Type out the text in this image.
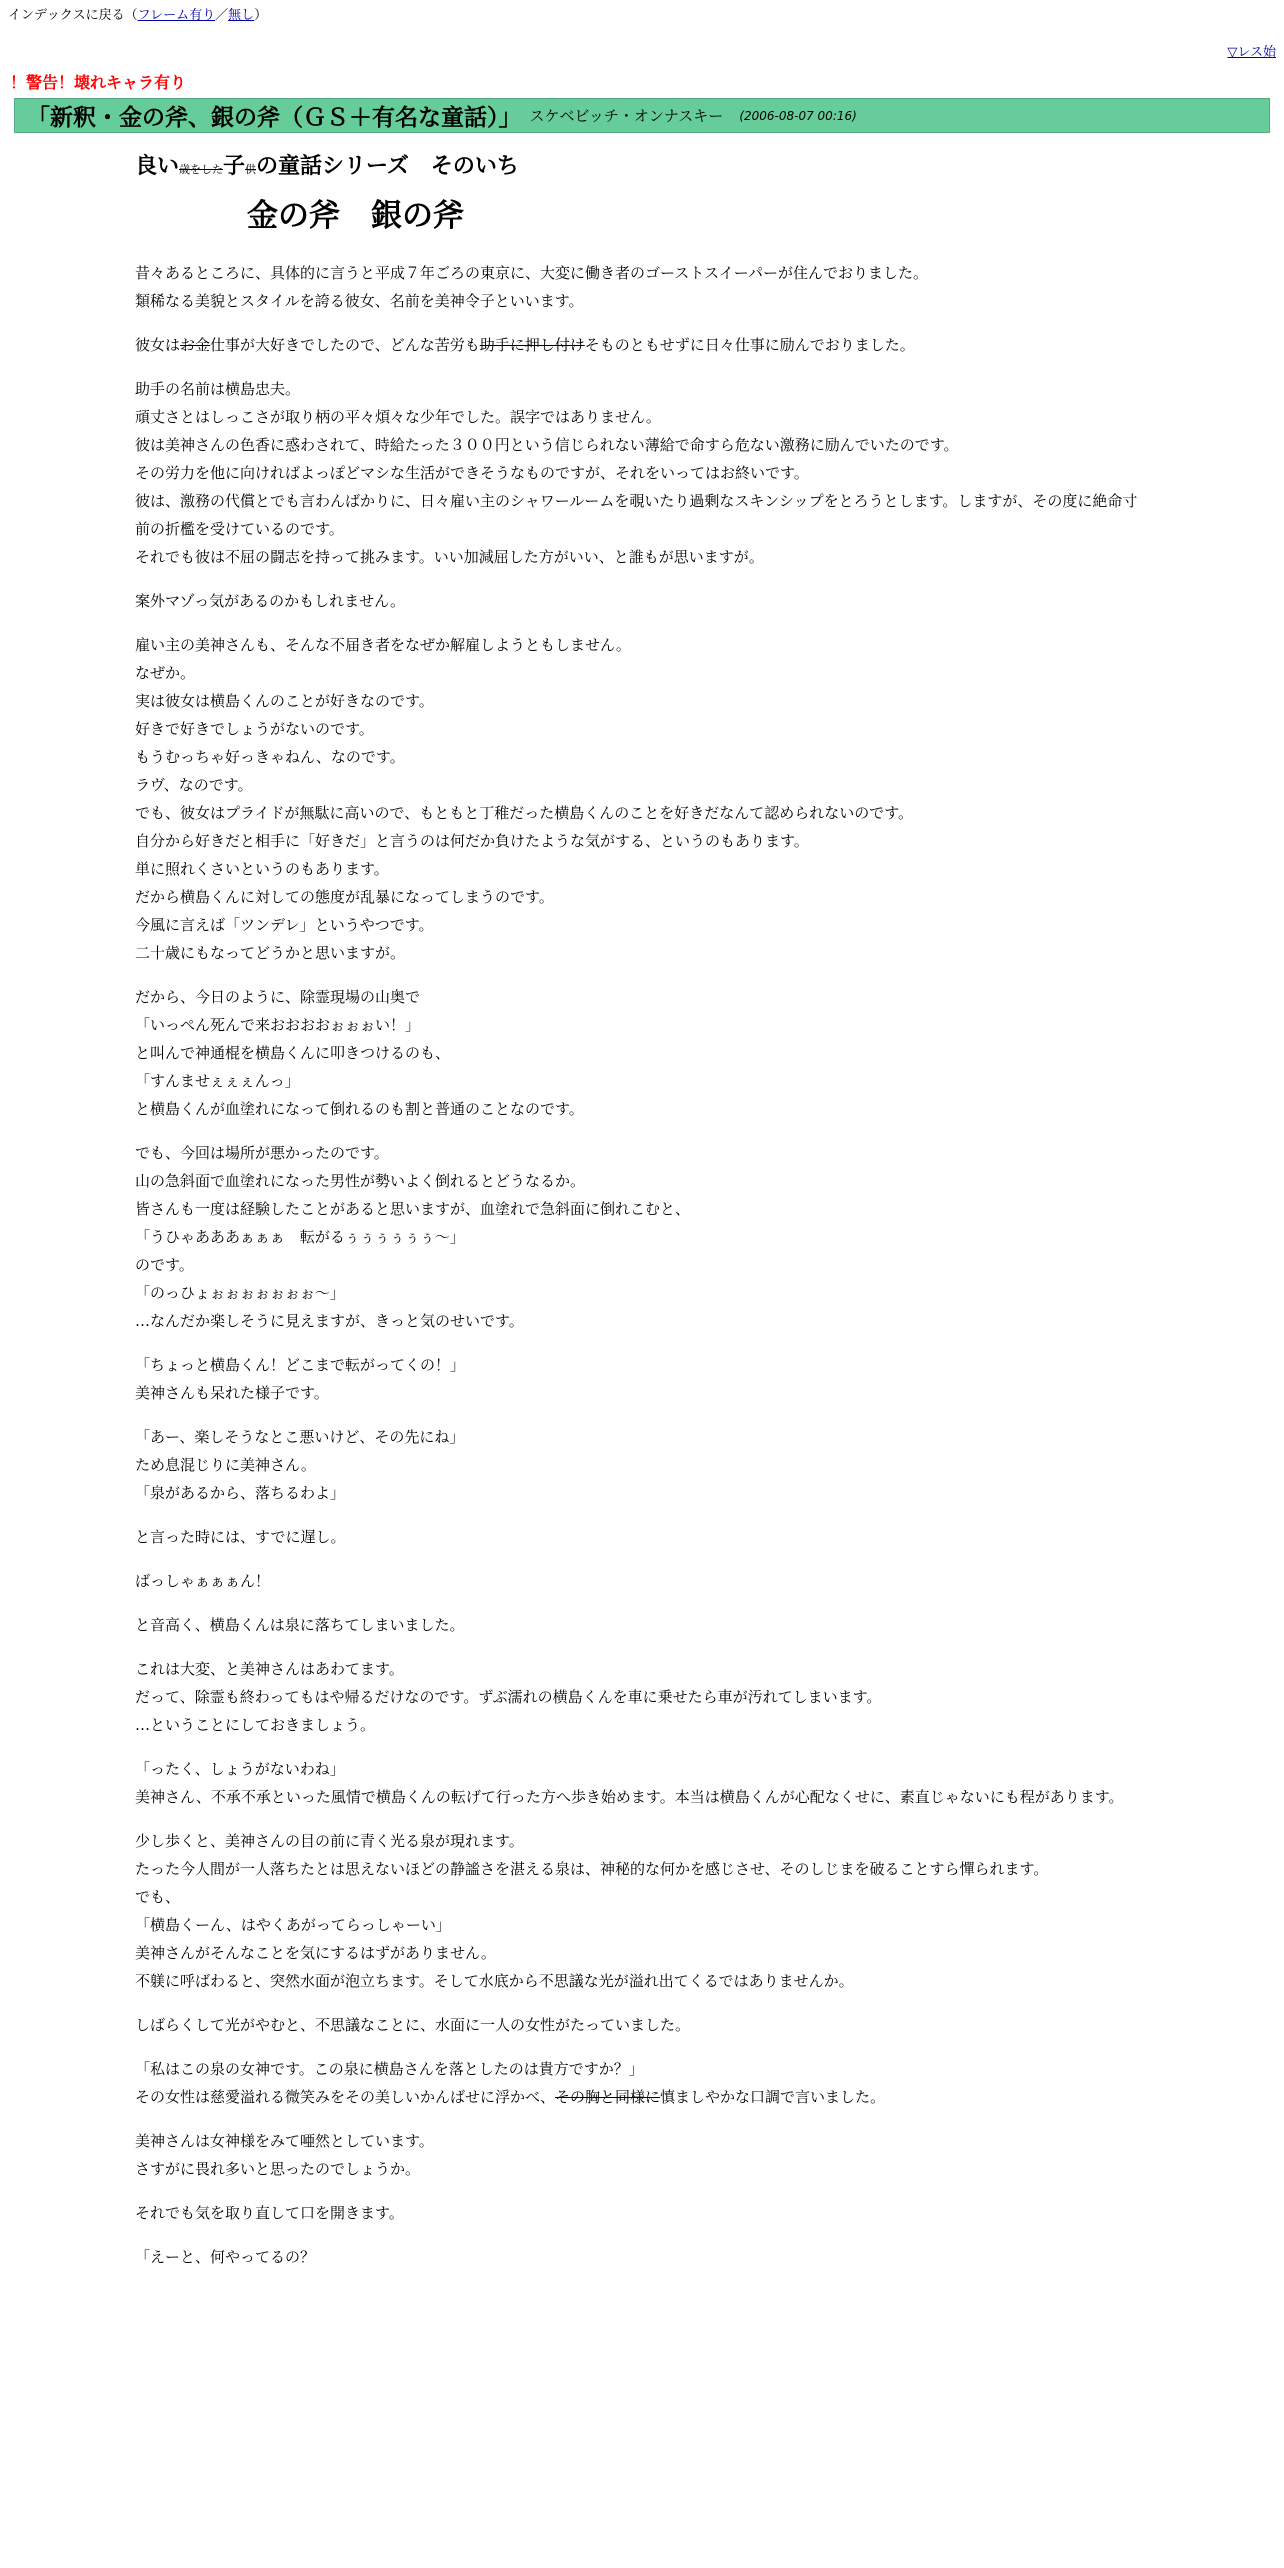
インデックスに戻る（フレーム有り／無し）
▽レス始
！警告！壊れキャラ有り
「新釈・金の斧、銀の斧（ＧＳ＋有名な童話）」 スケベビッチ・オンナスキー (2006-08-07 00:16)
良い歳をした子供の童話シリーズ　そのいち
金の斧　銀の斧

昔々あるところに、具体的に言うと平成７年ごろの東京に、大変に働き者のゴーストスイーパーが住んでおりました。
類稀なる美貌とスタイルを誇る彼女、名前を美神令子といいます。

彼女はお金仕事が大好きでしたので、どんな苦労も助手に押し付けそものともせずに日々仕事に励んでおりました。

助手の名前は横島忠夫。
頑丈さとはしっこさが取り柄の平々煩々な少年でした。誤字ではありません。
彼は美神さんの色香に惑わされて、時給たった３００円という信じられない薄給で命すら危ない激務に励んでいたのです。
その労力を他に向ければよっぽどマシな生活ができそうなものですが、それをいってはお終いです。
彼は、激務の代償とでも言わんばかりに、日々雇い主のシャワールームを覗いたり過剰なスキンシップをとろうとします。しますが、その度に絶命寸前の折檻を受けているのです。
それでも彼は不屈の闘志を持って挑みます。いい加減屈した方がいい、と誰もが思いますが。

案外マゾっ気があるのかもしれません。

雇い主の美神さんも、そんな不届き者をなぜか解雇しようともしません。
なぜか。
実は彼女は横島くんのことが好きなのです。
好きで好きでしょうがないのです。
もうむっちゃ好っきゃねん、なのです。
ラヴ、なのです。
でも、彼女はプライドが無駄に高いので、もともと丁稚だった横島くんのことを好きだなんて認められないのです。
自分から好きだと相手に「好きだ」と言うのは何だか負けたような気がする、というのもあります。
単に照れくさいというのもあります。
だから横島くんに対しての態度が乱暴になってしまうのです。
今風に言えば「ツンデレ」というやつです。
二十歳にもなってどうかと思いますが。

だから、今日のように、除霊現場の山奥で
「いっぺん死んで来おおおおぉぉぉい！」
と叫んで神通棍を横島くんに叩きつけるのも、
「すんませぇぇぇんっ」
と横島くんが血塗れになって倒れるのも割と普通のことなのです。

でも、今回は場所が悪かったのです。
山の急斜面で血塗れになった男性が勢いよく倒れるとどうなるか。
皆さんも一度は経験したことがあると思いますが、血塗れで急斜面に倒れこむと、
「うひゃあああぁぁぁ　転がるぅぅぅぅぅぅ～」
のです。
「のっひょぉぉぉぉぉぉぉ～」
…なんだか楽しそうに見えますが、きっと気のせいです。

「ちょっと横島くん！どこまで転がってくの！」
美神さんも呆れた様子です。

「あー、楽しそうなとこ悪いけど、その先にね」
ため息混じりに美神さん。
「泉があるから、落ちるわよ」

と言った時には、すでに遅し。

ばっしゃぁぁぁん！

と音高く、横島くんは泉に落ちてしまいました。

これは大変、と美神さんはあわてます。
だって、除霊も終わってもはや帰るだけなのです。ずぶ濡れの横島くんを車に乗せたら車が汚れてしまいます。
…ということにしておきましょう。

「ったく、しょうがないわね」
美神さん、不承不承といった風情で横島くんの転げて行った方へ歩き始めます。本当は横島くんが心配なくせに、素直じゃないにも程があります。

少し歩くと、美神さんの目の前に青く光る泉が現れます。
たった今人間が一人落ちたとは思えないほどの静謐さを湛える泉は、神秘的な何かを感じさせ、そのしじまを破ることすら憚られます。
でも、
「横島くーん、はやくあがってらっしゃーい」
美神さんがそんなことを気にするはずがありません。
不躾に呼ばわると、突然水面が泡立ちます。そして水底から不思議な光が溢れ出てくるではありませんか。

しばらくして光がやむと、不思議なことに、水面に一人の女性がたっていました。

「私はこの泉の女神です。この泉に横島さんを落としたのは貴方ですか？」
その女性は慈愛溢れる微笑みをその美しいかんばせに浮かべ、その胸と同様に慎ましやかな口調で言いました。

美神さんは女神様をみて唖然としています。
さすがに畏れ多いと思ったのでしょうか。

それでも気を取り直して口を開きます。

「えーと、何やってるの？
